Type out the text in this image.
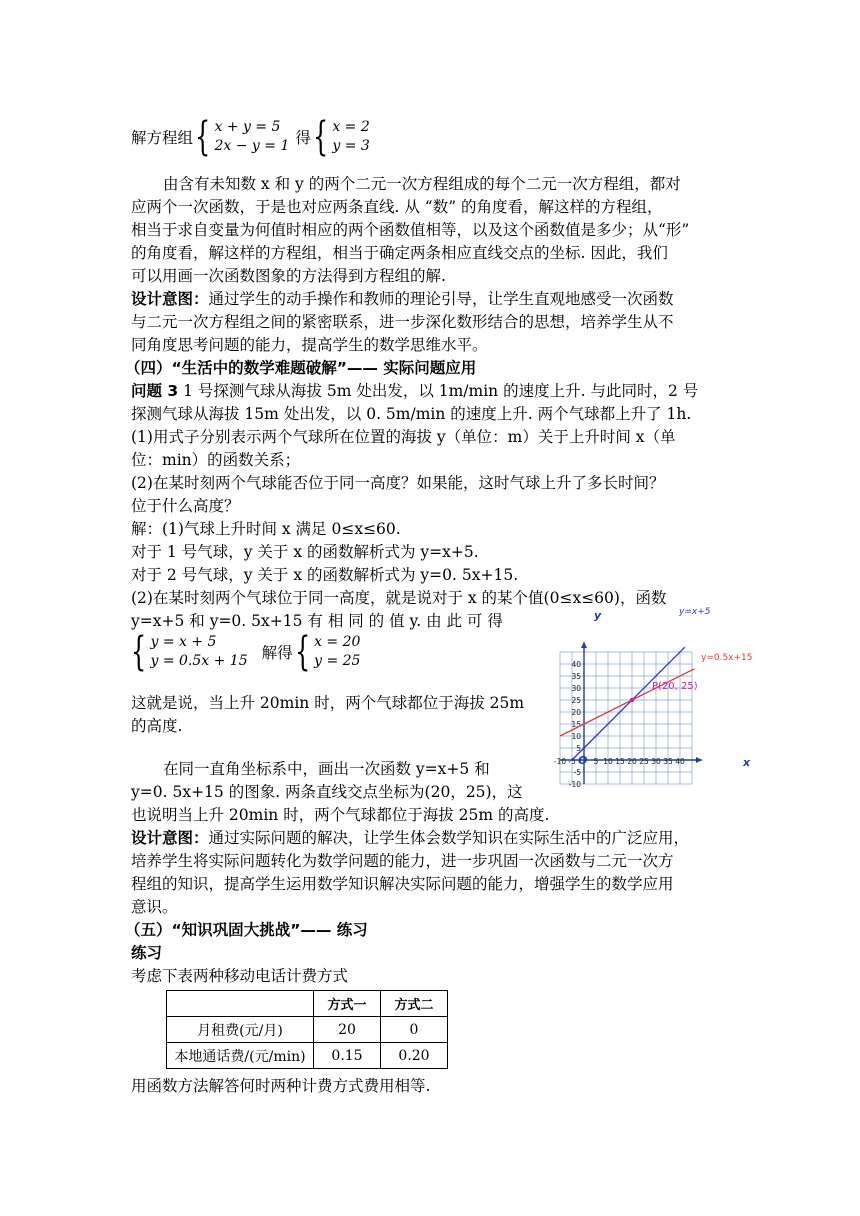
解方程组 { x + y = 5
2x − y = 1 得 { x = 2
y = 3
由含有未知数 x 和 y 的两个二元一次方程组成的每个二元一次方程组，都对
应两个一次函数，于是也对应两条直线. 从 “数” 的角度看，解这样的方程组，
相当于求自变量为何值时相应的两个函数值相等，以及这个函数值是多少；从“形”
的角度看，解这样的方程组，相当于确定两条相应直线交点的坐标. 因此，我们
可以用画一次函数图象的方法得到方程组的解.
设计意图：通过学生的动手操作和教师的理论引导，让学生直观地感受一次函数
与二元一次方程组之间的紧密联系，进一步深化数形结合的思想，培养学生从不
同角度思考问题的能力，提高学生的数学思维水平。
（四）“生活中的数学难题破解”—— 实际问题应用
问题 3 1 号探测气球从海拔 5m 处出发，以 1m/min 的速度上升. 与此同时，2 号
探测气球从海拔 15m 处出发，以 0. 5m/min 的速度上升. 两个气球都上升了 1h.
(1)用式子分别表示两个气球所在位置的海拔 y（单位：m）关于上升时间 x（单
位：min）的函数关系；
(2)在某时刻两个气球能否位于同一高度？如果能，这时气球上升了多长时间？
位于什么高度？
解：(1)气球上升时间 x 满足 0≤x≤60.
对于 1 号气球，y 关于 x 的函数解析式为 y=x+5.
对于 2 号气球，y 关于 x 的函数解析式为 y=0. 5x+15.
(2)在某时刻两个气球位于同一高度，就是说对于 x 的某个值(0≤x≤60)，函数
y=x+5 和 y=0. 5x+15 有 相 同 的 值 y. 由 此 可 得
{ y = x + 5
y = 0.5x + 15 解得 { x = 20
y = 25
这就是说，当上升 20min 时，两个气球都位于海拔 25m
的高度.
在同一直角坐标系中，画出一次函数 y=x+5 和
y=0. 5x+15 的图象. 两条直线交点坐标为(20，25)，这
也说明当上升 20min 时，两个气球都位于海拔 25m 的高度.
设计意图：通过实际问题的解决，让学生体会数学知识在实际生活中的广泛应用，
培养学生将实际问题转化为数学问题的能力，进一步巩固一次函数与二元一次方
程组的知识，提高学生运用数学知识解决实际问题的能力，增强学生的数学应用
意识。
（五）“知识巩固大挑战”—— 练习
练习
考虑下表两种移动电话计费方式
	方式一	方式二
月租费(元/月)	20	0
本地通话费/(元/min)	0.15	0.20
用函数方法解答何时两种计费方式费用相等.
-10 -5 5 10 15 20 25 30 35 40
40
35
30
25
20
15
10
5
-5
-10
x
y
O
y=x+5
y=0.5x+15
P(20, 25)
